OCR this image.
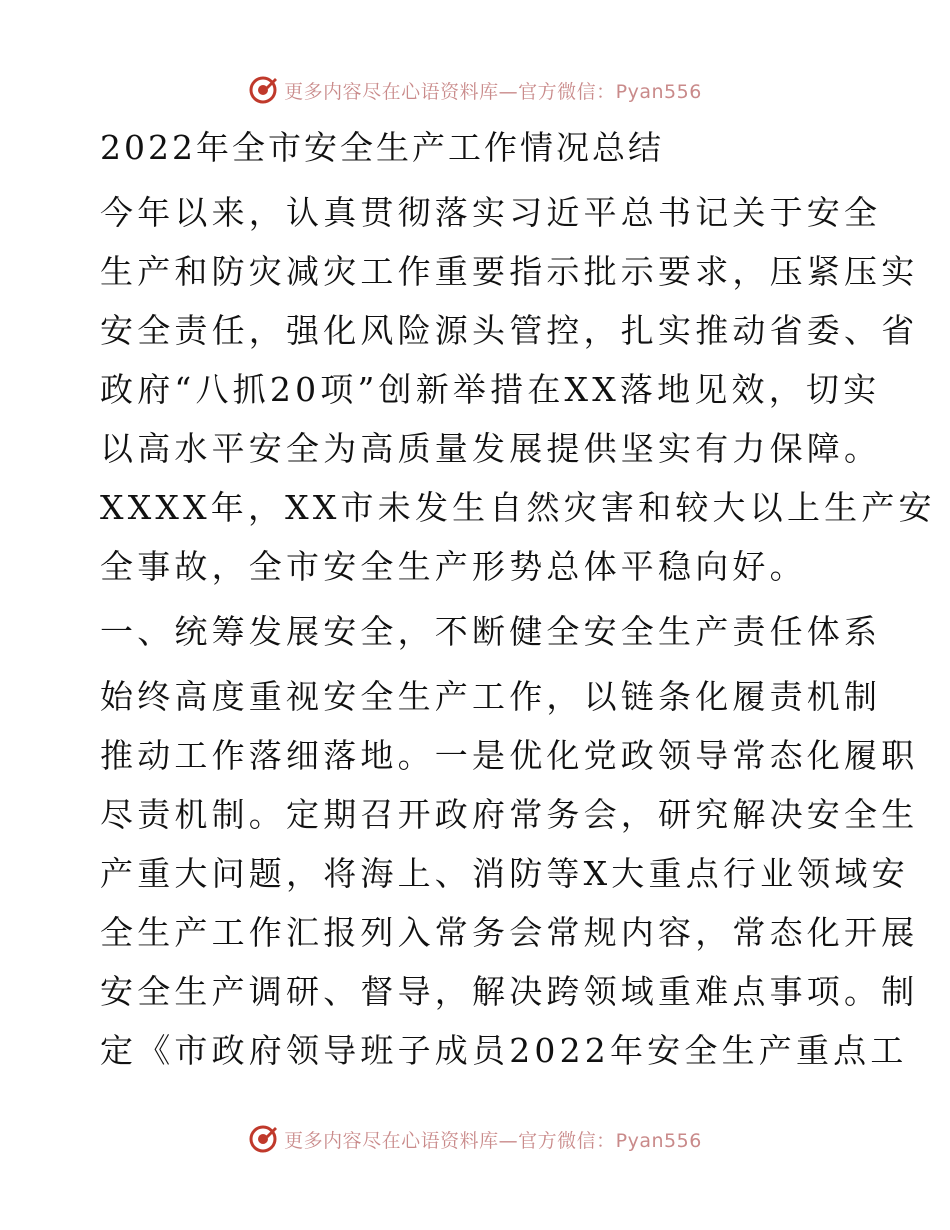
更多内容尽在心语资料库—官方微信：Pyan556
2022年全市安全生产工作情况总结
今年以来，认真贯彻落实习近平总书记关于安全
生产和防灾减灾工作重要指示批示要求，压紧压实
安全责任，强化风险源头管控，扎实推动省委、省
政府“八抓20项”创新举措在XX落地见效，切实
以高水平安全为高质量发展提供坚实有力保障。
XXXX年，XX市未发生自然灾害和较大以上生产安
全事故，全市安全生产形势总体平稳向好。
一、统筹发展安全，不断健全安全生产责任体系
始终高度重视安全生产工作，以链条化履责机制
推动工作落细落地。一是优化党政领导常态化履职
尽责机制。定期召开政府常务会，研究解决安全生
产重大问题，将海上、消防等X大重点行业领域安
全生产工作汇报列入常务会常规内容，常态化开展
安全生产调研、督导，解决跨领域重难点事项。制
定《市政府领导班子成员2022年安全生产重点工
更多内容尽在心语资料库—官方微信：Pyan556
